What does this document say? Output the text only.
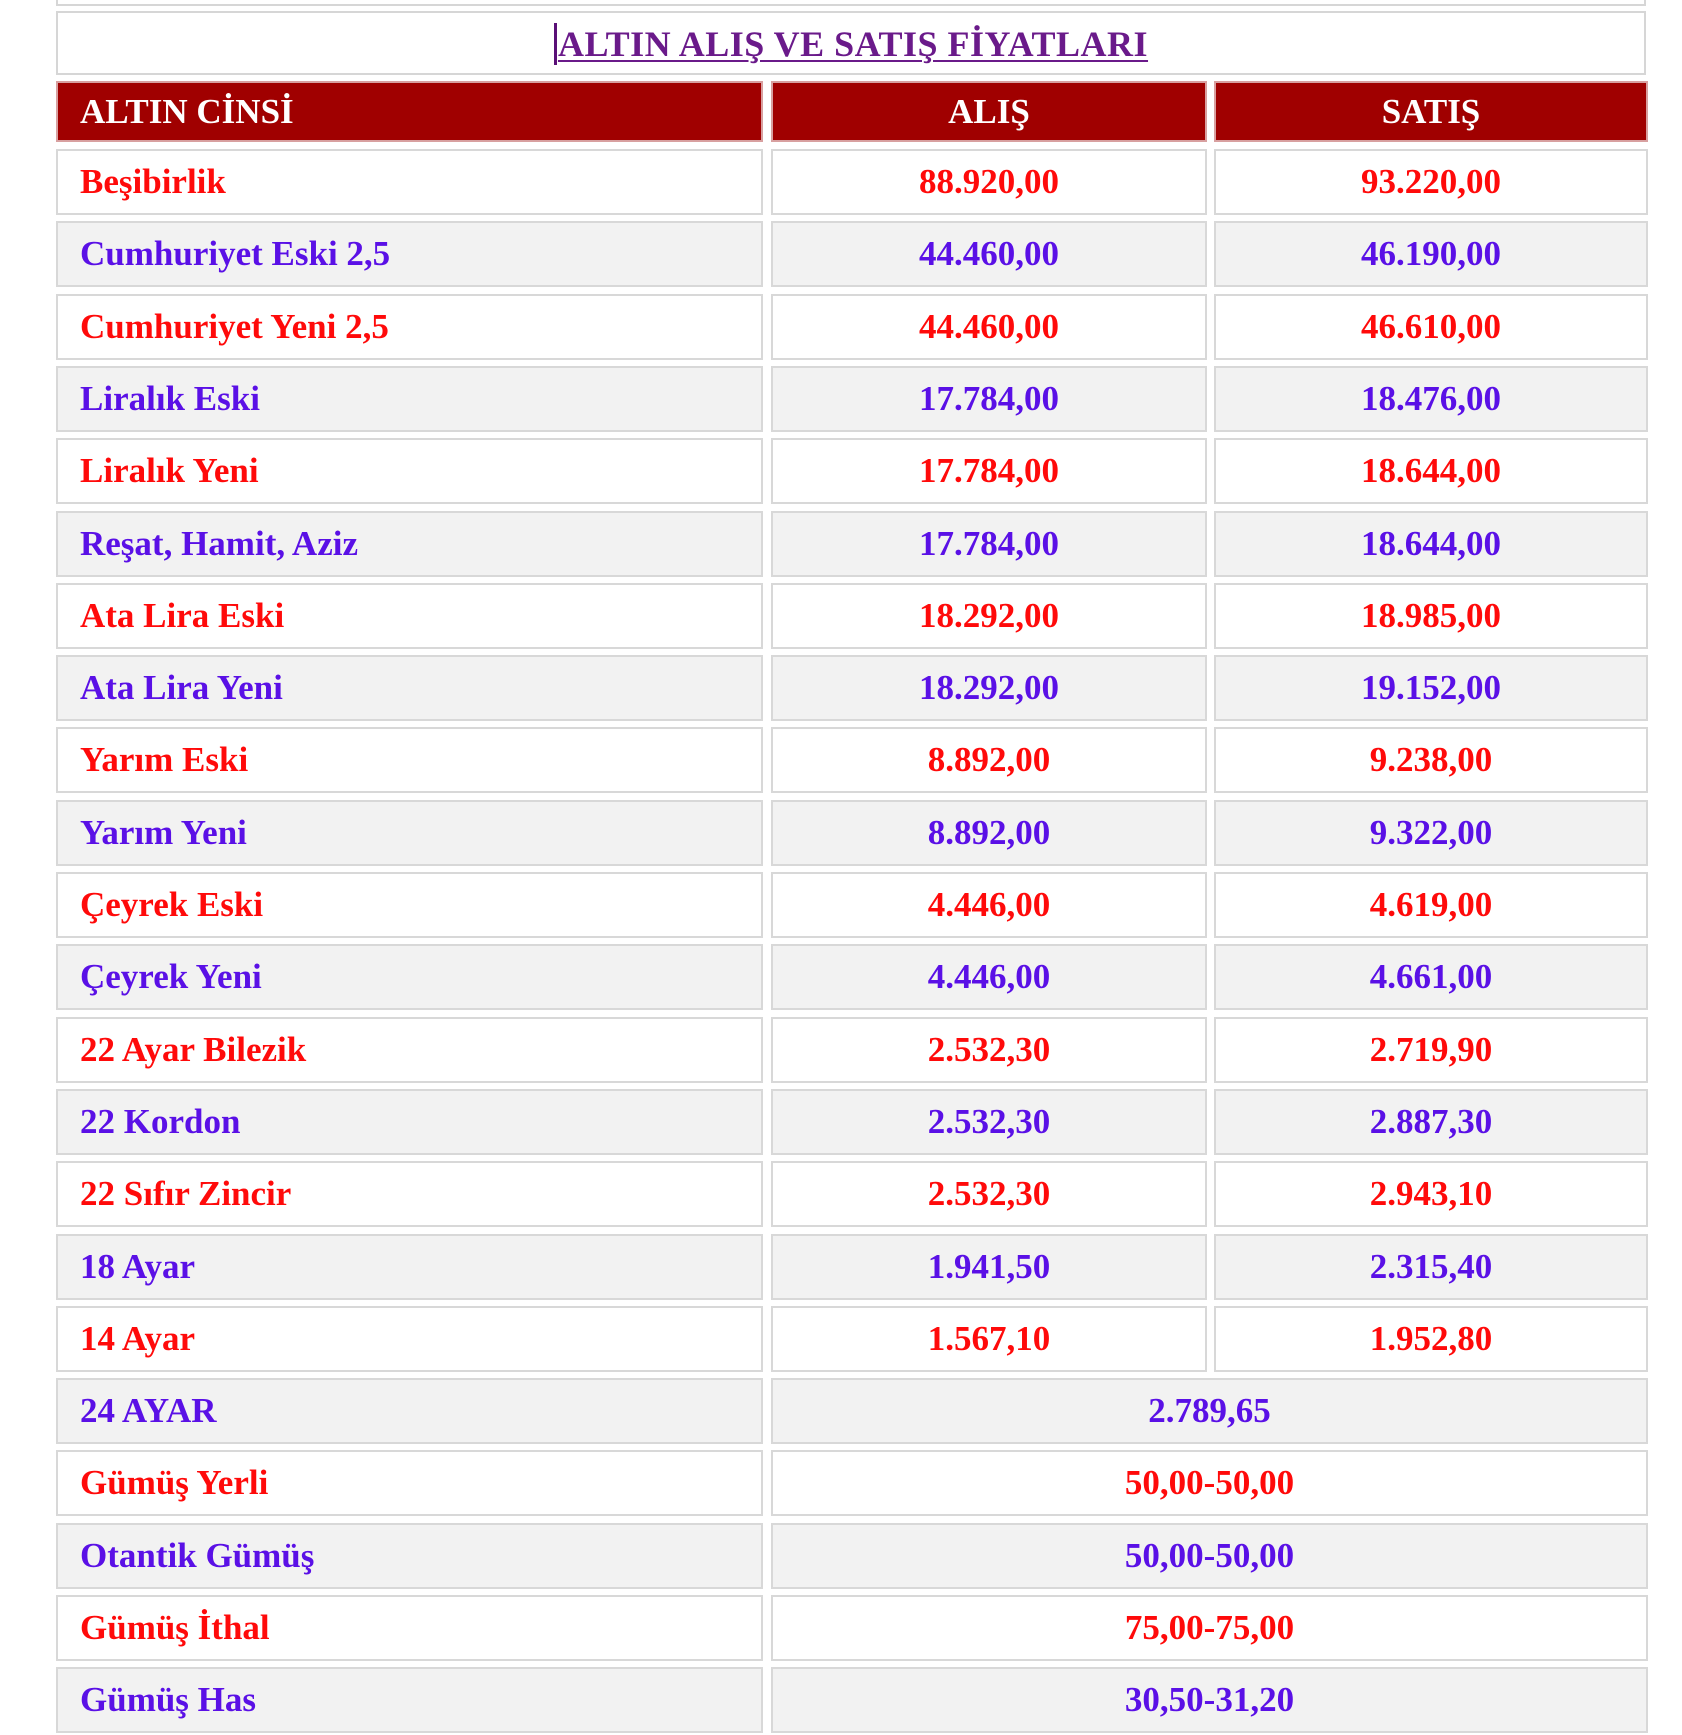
ALTIN ALIŞ VE SATIŞ FİYATLARI
ALTIN CİNSİ	ALIŞ	SATIŞ
Beşibirlik	88.920,00	93.220,00
Cumhuriyet Eski 2,5	44.460,00	46.190,00
Cumhuriyet Yeni 2,5	44.460,00	46.610,00
Liralık Eski	17.784,00	18.476,00
Liralık Yeni	17.784,00	18.644,00
Reşat, Hamit, Aziz	17.784,00	18.644,00
Ata Lira Eski	18.292,00	18.985,00
Ata Lira Yeni	18.292,00	19.152,00
Yarım Eski	8.892,00	9.238,00
Yarım Yeni	8.892,00	9.322,00
Çeyrek Eski	4.446,00	4.619,00
Çeyrek Yeni	4.446,00	4.661,00
22 Ayar Bilezik	2.532,30	2.719,90
22 Kordon	2.532,30	2.887,30
22 Sıfır Zincir	2.532,30	2.943,10
18 Ayar	1.941,50	2.315,40
14 Ayar	1.567,10	1.952,80
24 AYAR	2.789,65
Gümüş Yerli	50,00-50,00
Otantik Gümüş	50,00-50,00
Gümüş İthal	75,00-75,00
Gümüş Has	30,50-31,20
